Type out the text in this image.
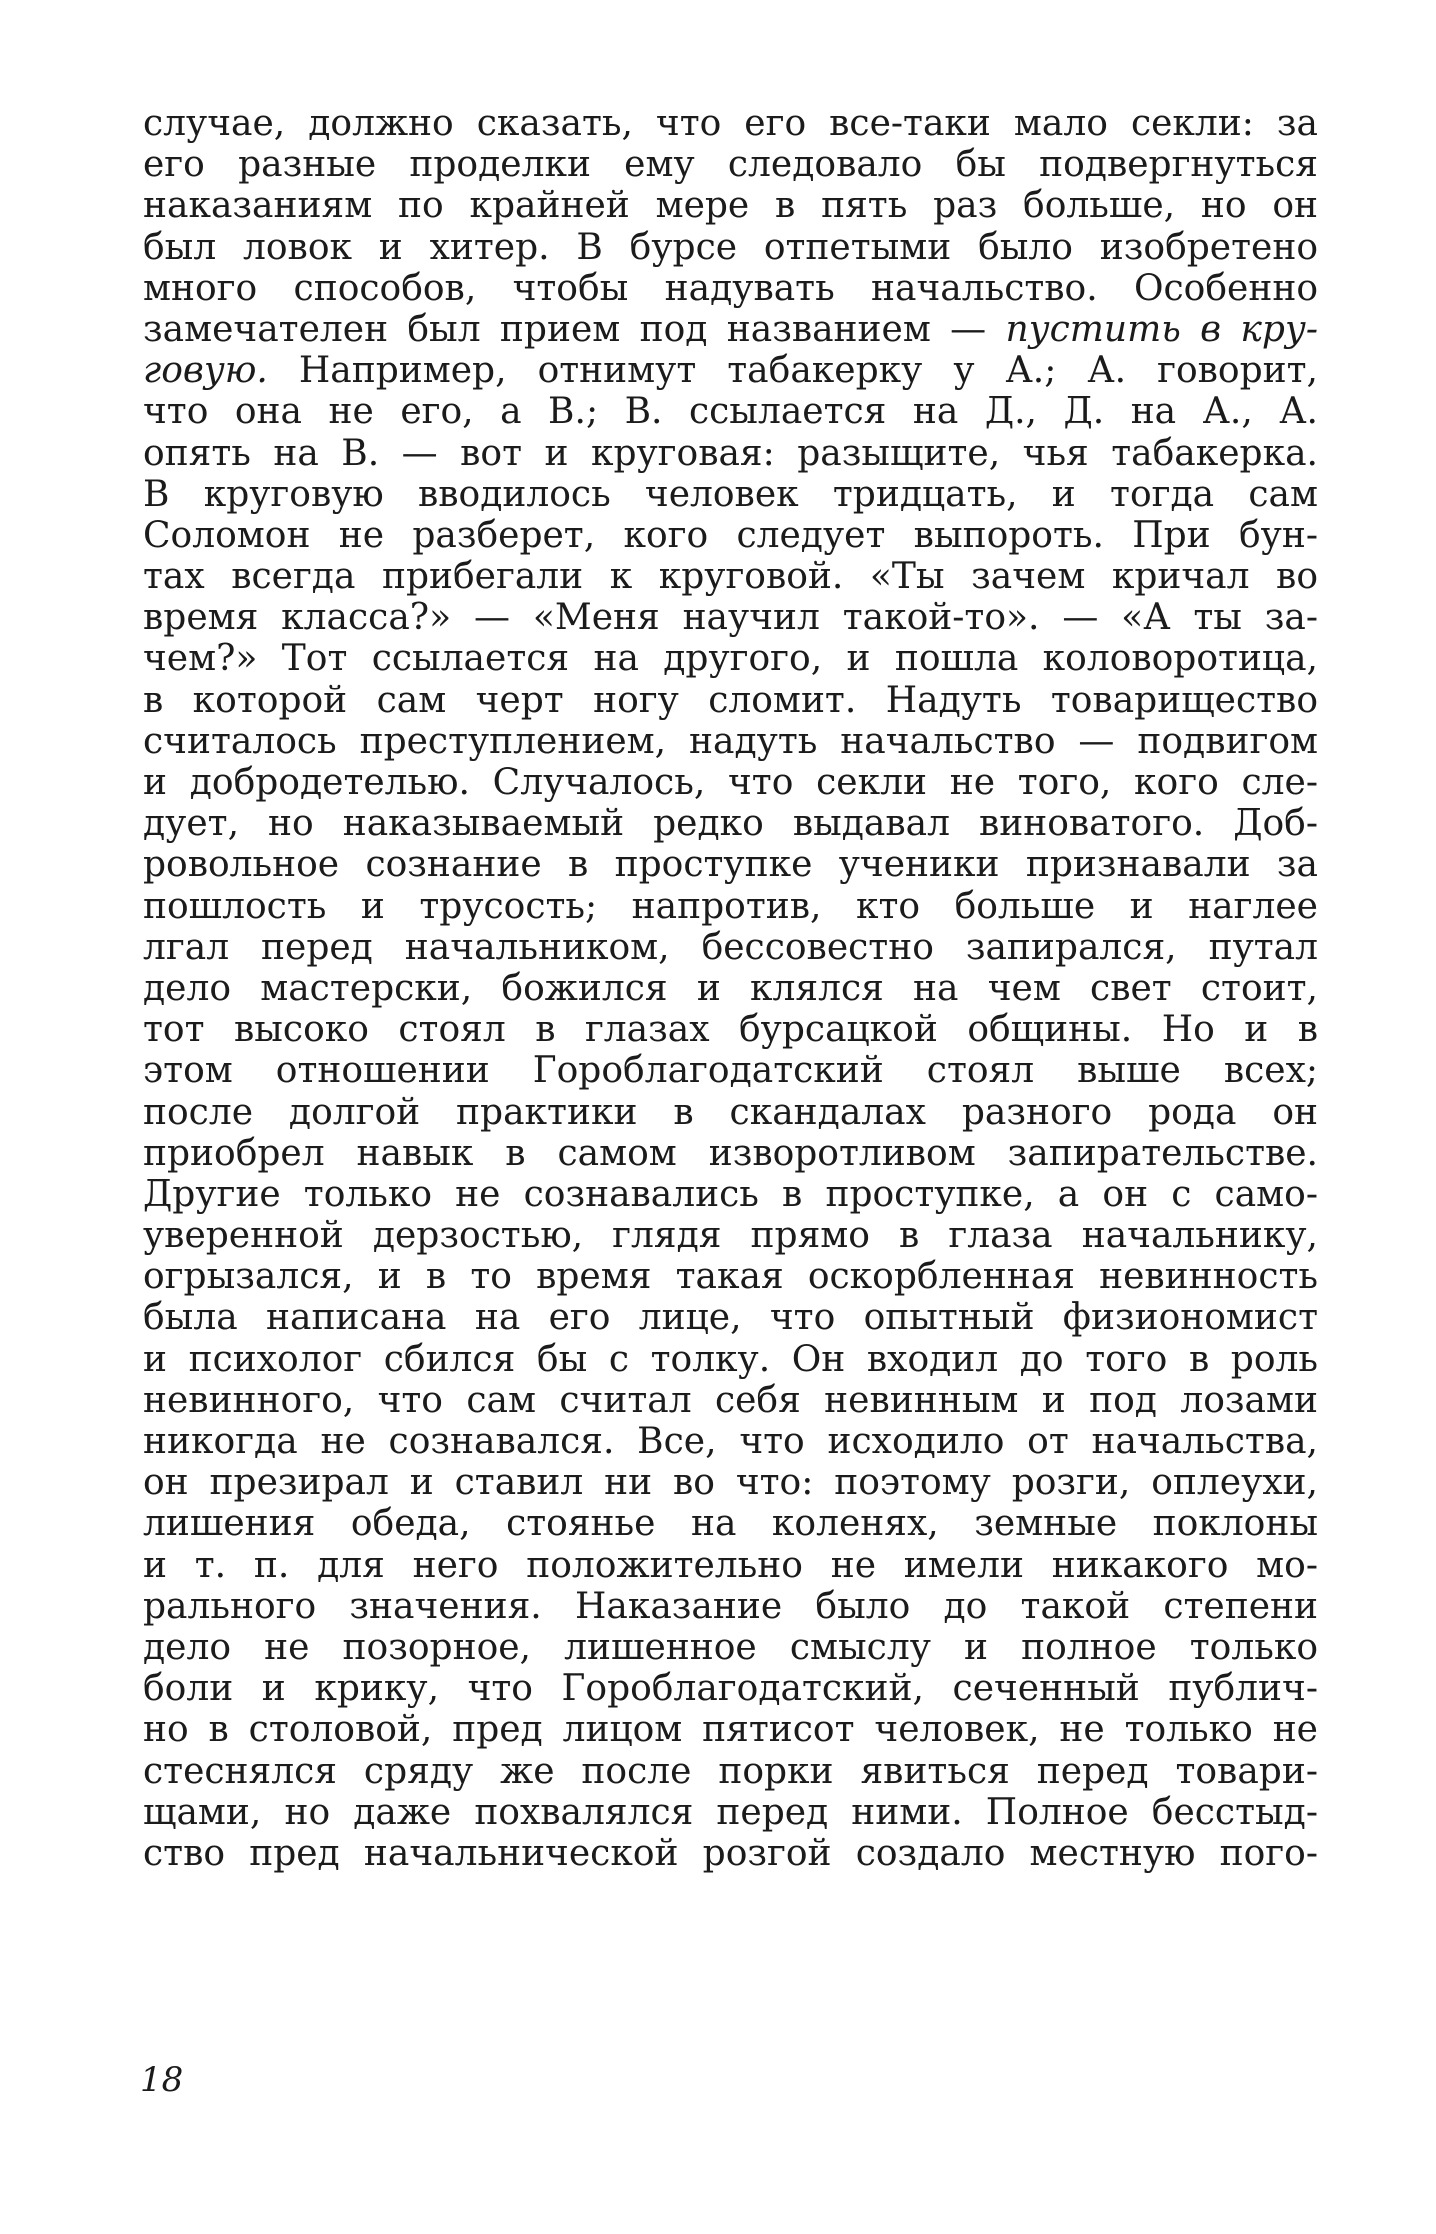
случае, должно сказать, что его все-таки мало секли: за
его разные проделки ему следовало бы подвергнуться
наказаниям по крайней мере в пять раз больше, но он
был ловок и хитер. В бурсе отпетыми было изобретено
много способов, чтобы надувать начальство. Особенно
замечателен был прием под названием — пустить в кру-
говую. Например, отнимут табакерку у А.; А. говорит,
что она не его, а В.; В. ссылается на Д., Д. на А., А.
опять на В. — вот и круговая: разыщите, чья табакерка.
В круговую вводилось человек тридцать, и тогда сам
Соломон не разберет, кого следует выпороть. При бун-
тах всегда прибегали к круговой. «Ты зачем кричал во
время класса?» — «Меня научил такой-то». — «А ты за-
чем?» Тот ссылается на другого, и пошла коловоротица,
в которой сам черт ногу сломит. Надуть товарищество
считалось преступлением, надуть начальство — подвигом
и добродетелью. Случалось, что секли не того, кого сле-
дует, но наказываемый редко выдавал виноватого. Доб-
ровольное сознание в проступке ученики признавали за
пошлость и трусость; напротив, кто больше и наглее
лгал перед начальником, бессовестно запирался, путал
дело мастерски, божился и клялся на чем свет стоит,
тот высоко стоял в глазах бурсацкой общины. Но и в
этом отношении Гороблагодатский стоял выше всех;
после долгой практики в скандалах разного рода он
приобрел навык в самом изворотливом запирательстве.
Другие только не сознавались в проступке, а он с само-
уверенной дерзостью, глядя прямо в глаза начальнику,
огрызался, и в то время такая оскорбленная невинность
была написана на его лице, что опытный физиономист
и психолог сбился бы с толку. Он входил до того в роль
невинного, что сам считал себя невинным и под лозами
никогда не сознавался. Все, что исходило от начальства,
он презирал и ставил ни во что: поэтому розги, оплеухи,
лишения обеда, стоянье на коленях, земные поклоны
и т. п. для него положительно не имели никакого мо-
рального значения. Наказание было до такой степени
дело не позорное, лишенное смыслу и полное только
боли и крику, что Гороблагодатский, сеченный публич-
но в столовой, пред лицом пятисот человек, не только не
стеснялся сряду же после порки явиться перед товари-
щами, но даже похвалялся перед ними. Полное бесстыд-
ство пред начальнической розгой создало местную пого-
18
